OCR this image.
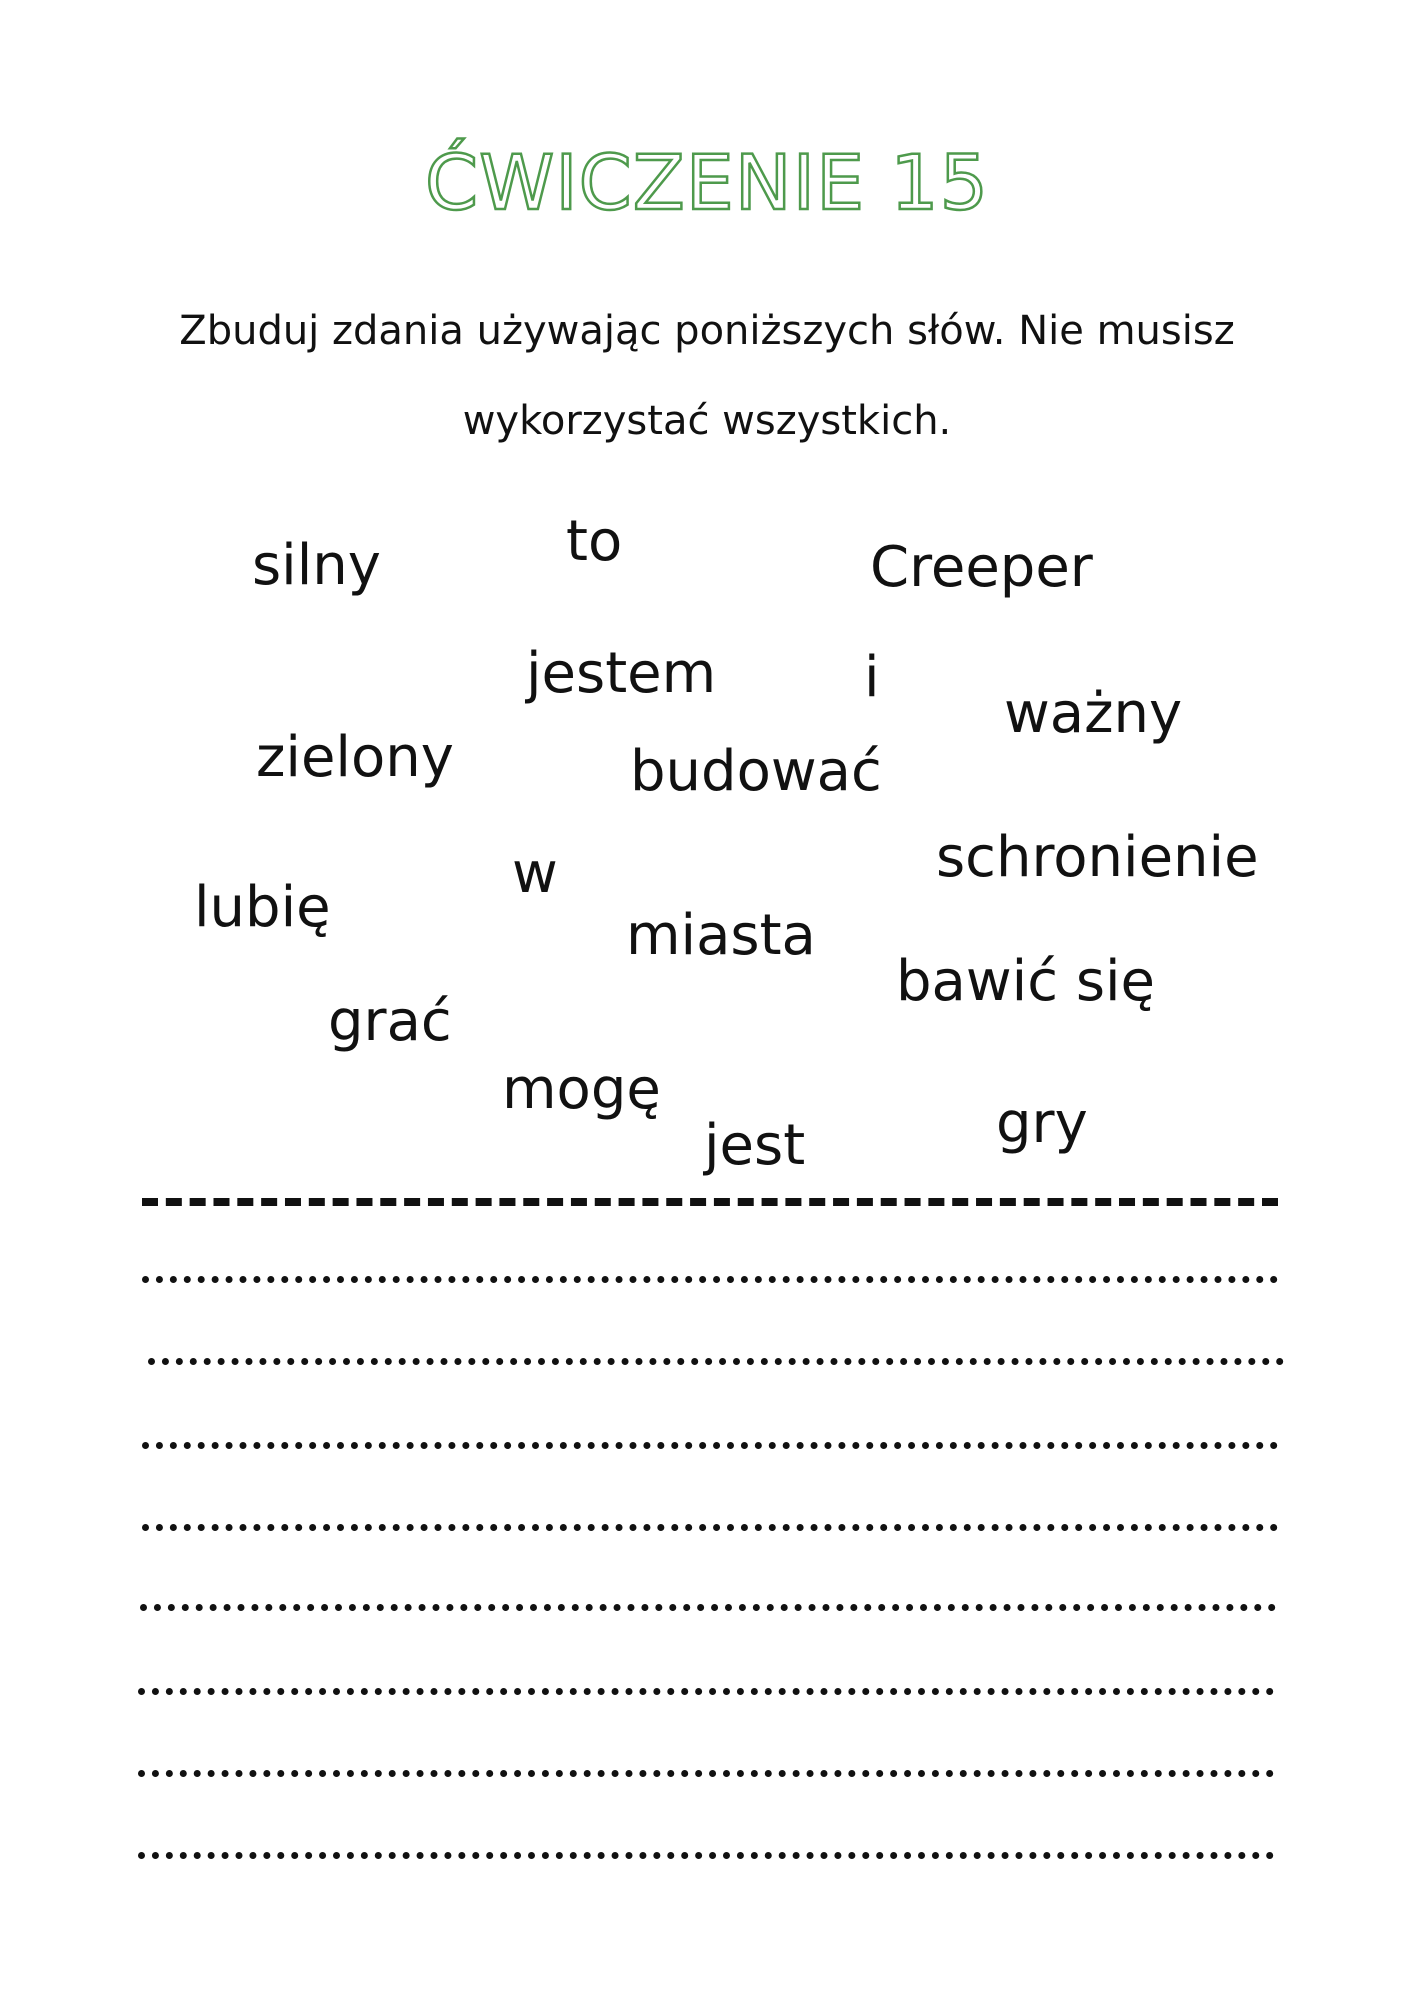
ĆWICZENIE 15
Zbuduj zdania używając poniższych słów. Nie musisz
wykorzystać wszystkich.
silny	to	Creeper
jestem	i
ważny
zielony	budować
schronienie
w
lubię	miasta
bawić się
grać
mogę
jest	gry
